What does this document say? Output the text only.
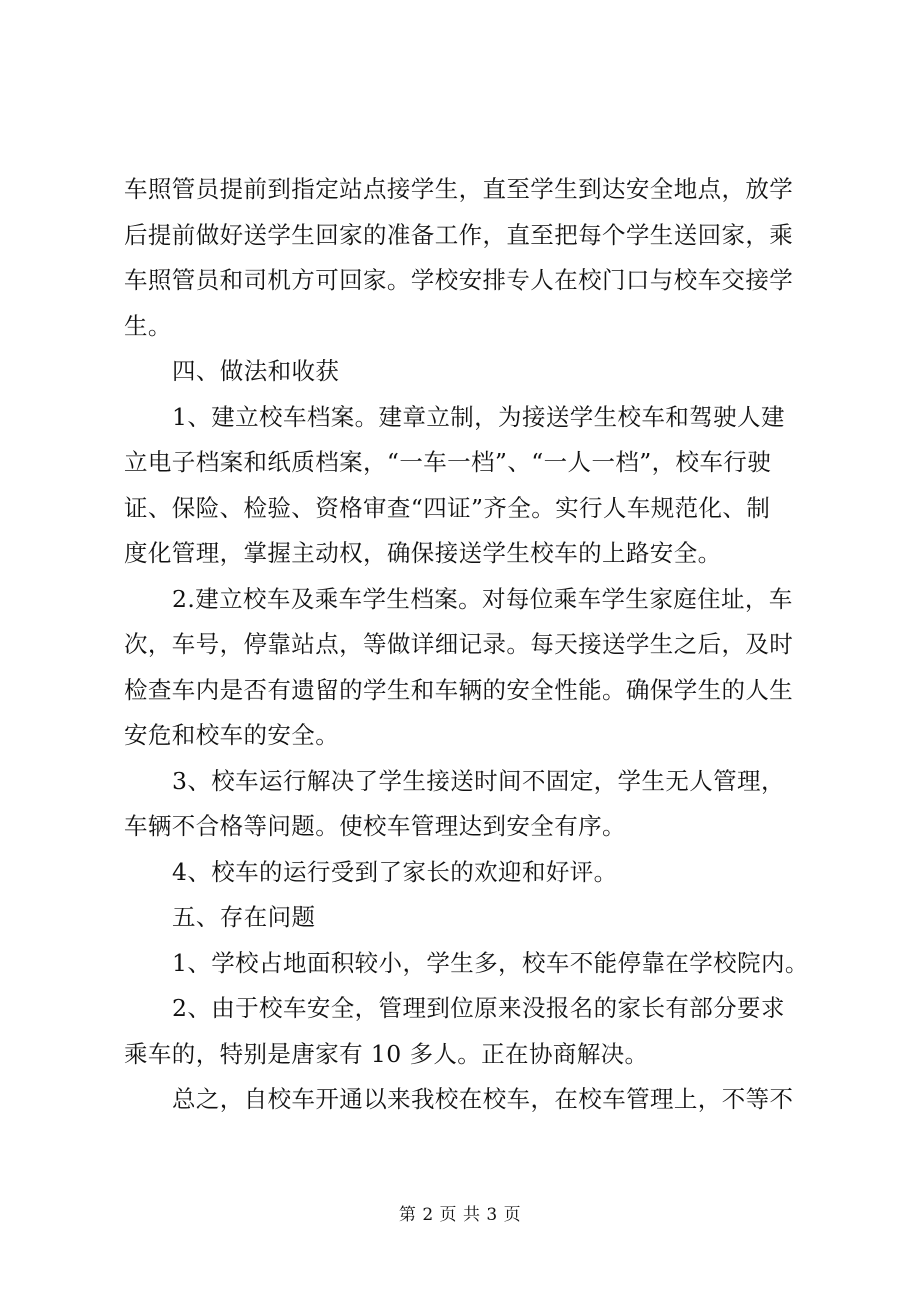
车照管员提前到指定站点接学生，直至学生到达安全地点，放学
后提前做好送学生回家的准备工作，直至把每个学生送回家，乘
车照管员和司机方可回家。学校安排专人在校门口与校车交接学
生。
四、做法和收获
1、建立校车档案。建章立制，为接送学生校车和驾驶人建
立电子档案和纸质档案，“一车一档”、“一人一档”，校车行驶
证、保险、检验、资格审查“四证”齐全。实行人车规范化、制
度化管理，掌握主动权，确保接送学生校车的上路安全。
2.建立校车及乘车学生档案。对每位乘车学生家庭住址，车
次，车号，停靠站点，等做详细记录。每天接送学生之后，及时
检查车内是否有遗留的学生和车辆的安全性能。确保学生的人生
安危和校车的安全。
3、校车运行解决了学生接送时间不固定，学生无人管理，
车辆不合格等问题。使校车管理达到安全有序。
4、校车的运行受到了家长的欢迎和好评。
五、存在问题
1、学校占地面积较小，学生多，校车不能停靠在学校院内。
2、由于校车安全，管理到位原来没报名的家长有部分要求
乘车的，特别是唐家有 10 多人。正在协商解决。
总之，自校车开通以来我校在校车，在校车管理上，不等不
第 2 页 共 3 页
